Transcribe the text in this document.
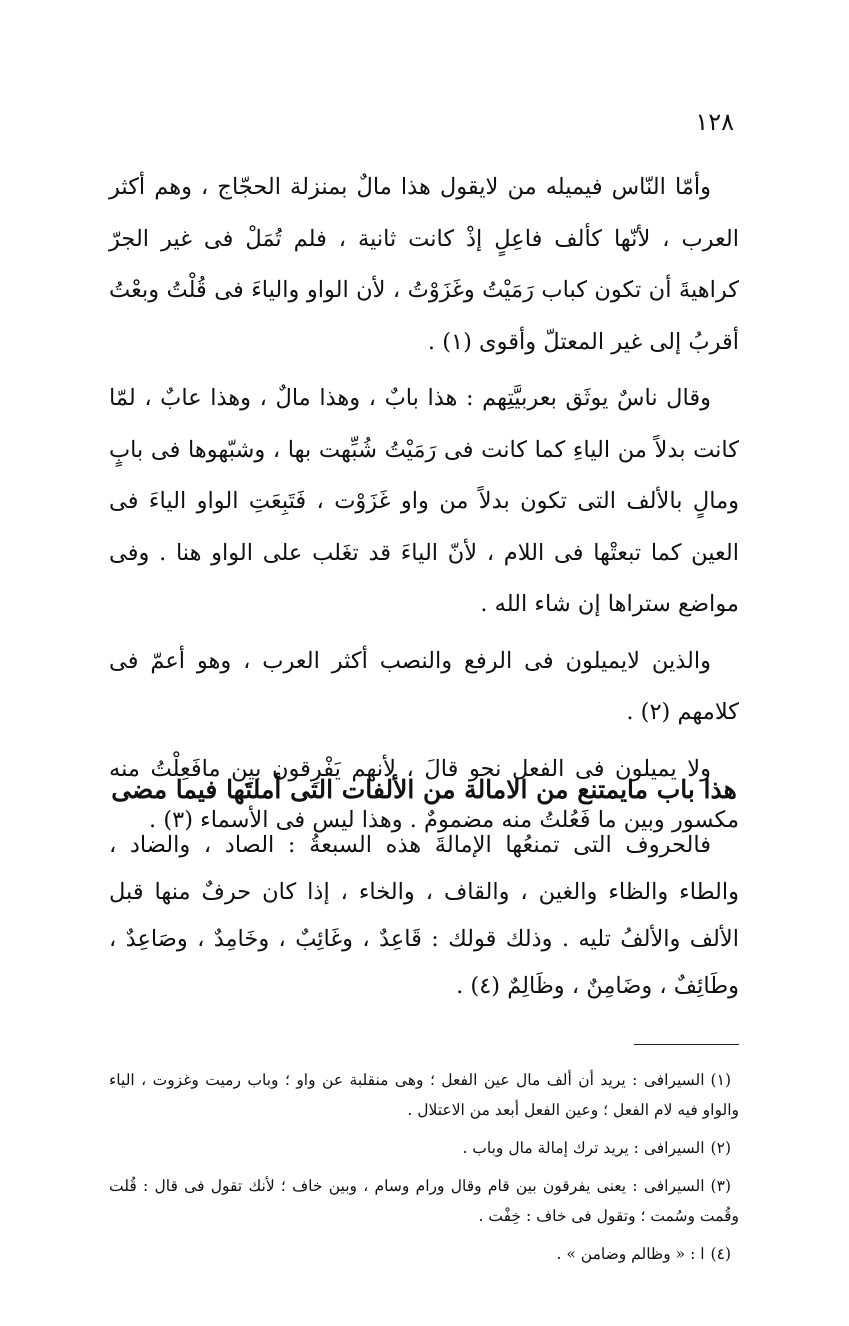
١٢٨

وأمّا النّاس فيميله من لايقول هذا مالٌ بمنزلة الحجّاج ، وهم أكثر العرب ، لأنّها كألف فاعِلٍ إذْ كانت ثانية ، فلم تُمَلْ فى غير الجرّ كراهيةَ أن تكون كباب رَمَيْتُ وغَزَوْتُ ، لأن الواو والياءَ فى قُلْتُ وبعْتُ أقربُ إلى غير المعتلّ وأقوى (١) .

وقال ناسٌ يوثَق بعربيَّتِهم : هذا بابٌ ، وهذا مالٌ ، وهذا عابٌ ، لمّا كانت بدلاً من الياءِ كما كانت فى رَمَيْتُ شُبِّهت بها ، وشبّهوها فى بابٍ ومالٍ بالألف التى تكون بدلاً من واو غَزَوْت ، فَتَبِعَتِ الواو الياءَ فى العين كما تبعتْها فى اللام ، لأنّ الياءَ قد تغَلب على الواو هنا . وفى مواضع ستراها إن شاء الله .

والذين لايميلون فى الرفع والنصب أكثر العرب ، وهو أعمّ فى كلامهم (٢) .

ولا يميلون فى الفعل نحو قالَ ، لأنهم يَفْرِقون بين مافَعِلْتُ منه مكسور وبين ما فَعُلتُ منه مضمومٌ . وهذا ليس فى الأسماء (٣) .

هذا باب مايمتنع من الامالة من الألفات التى أملتَها فيما مضى

فالحروف التى تمنعُها الإمالةَ هذه السبعةُ : الصاد ، والضاد ، والطاء والظاء والغين ، والقاف ، والخاء ، إذا كان حرفٌ منها قبل الألف والألفُ تليه . وذلك قولك : قَاعِدٌ ، وغَائِبٌ ، وخَامِدٌ ، وصَاعِدٌ ، وطَائِفٌ ، وضَامِنٌ ، وظَالِمٌ (٤) .

(١)السيرافى : يريد أن ألف مال عين الفعل ؛ وهى منقلبة عن واو ؛ وباب رميت وغزوت ، الياء والواو فيه لام الفعل ؛ وعين الفعل أبعد من الاعتلال .

(٢)السيرافى : يريد ترك إمالة مال وباب .

(٣)السيرافى : يعنى يفرقون بين قام وقال ورام وسام ، وبين خاف ؛ لأنك تقول فى قال : قُلت وقُمت وسُمت ؛ وتقول فى خاف : خِفْت .

(٤)ا : « وظالم وضامن » .
